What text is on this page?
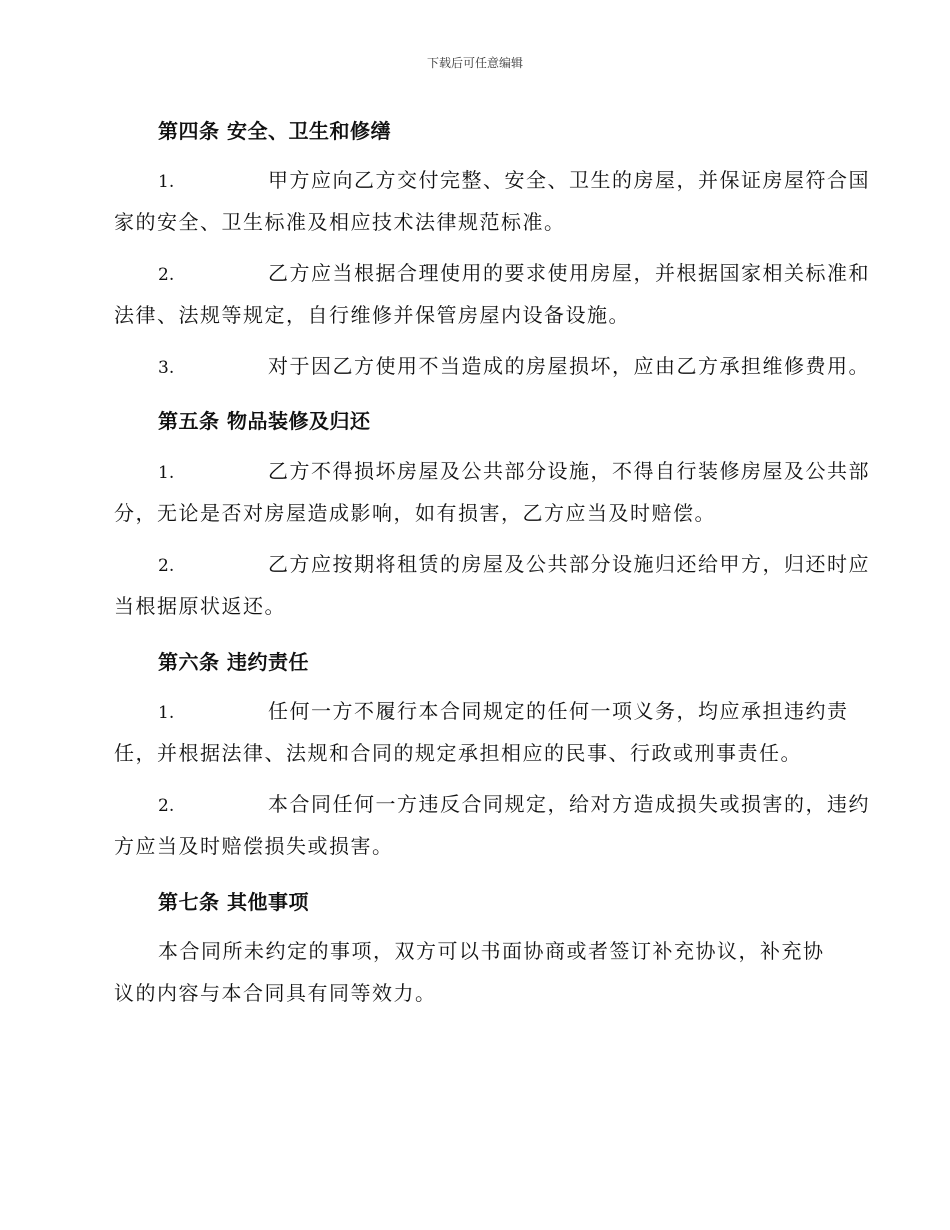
下载后可任意编辑
第四条 安全、卫生和修缮
1.	甲方应向乙方交付完整、安全、卫生的房屋，并保证房屋符合国
家的安全、卫生标准及相应技术法律规范标准。
2.	乙方应当根据合理使用的要求使用房屋，并根据国家相关标准和
法律、法规等规定，自行维修并保管房屋内设备设施。
3.	对于因乙方使用不当造成的房屋损坏，应由乙方承担维修费用。
第五条 物品装修及归还
1.	乙方不得损坏房屋及公共部分设施，不得自行装修房屋及公共部
分，无论是否对房屋造成影响，如有损害，乙方应当及时赔偿。
2.	乙方应按期将租赁的房屋及公共部分设施归还给甲方，归还时应
当根据原状返还。
第六条 违约责任
1.	任何一方不履行本合同规定的任何一项义务，均应承担违约责
任，并根据法律、法规和合同的规定承担相应的民事、行政或刑事责任。
2.	本合同任何一方违反合同规定，给对方造成损失或损害的，违约
方应当及时赔偿损失或损害。
第七条 其他事项
本合同所未约定的事项，双方可以书面协商或者签订补充协议，补充协
议的内容与本合同具有同等效力。
